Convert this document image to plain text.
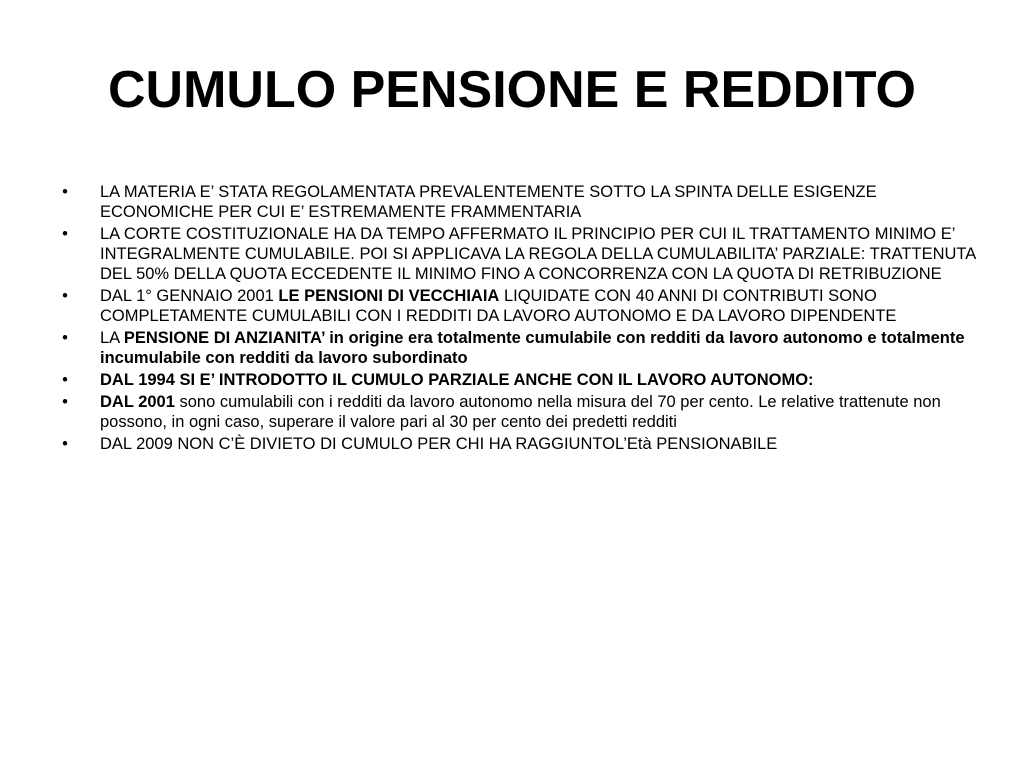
CUMULO PENSIONE E REDDITO
• LA MATERIA E’ STATA REGOLAMENTATA PREVALENTEMENTE SOTTO LA SPINTA DELLE ESIGENZE ECONOMICHE PER CUI E’ ESTREMAMENTE FRAMMENTARIA
• LA CORTE COSTITUZIONALE HA DA TEMPO AFFERMATO IL PRINCIPIO PER CUI IL TRATTAMENTO MINIMO E’ INTEGRALMENTE CUMULABILE. POI SI APPLICAVA LA REGOLA DELLA CUMULABILITA’ PARZIALE: TRATTENUTA DEL 50% DELLA QUOTA ECCEDENTE IL MINIMO FINO A CONCORRENZA CON LA QUOTA DI RETRIBUZIONE
• DAL 1° GENNAIO 2001 LE PENSIONI DI VECCHIAIA LIQUIDATE CON 40 ANNI DI CONTRIBUTI SONO COMPLETAMENTE CUMULABILI CON I REDDITI DA LAVORO AUTONOMO E DA LAVORO DIPENDENTE
• LA PENSIONE DI ANZIANITA’ in origine era totalmente cumulabile con redditi da lavoro autonomo e totalmente incumulabile con redditi da lavoro subordinato
• DAL 1994 SI E’ INTRODOTTO IL CUMULO PARZIALE ANCHE CON IL LAVORO AUTONOMO:
• DAL 2001 sono cumulabili con i redditi da lavoro autonomo nella misura del 70 per cento. Le relative trattenute non possono, in ogni caso, superare il valore pari al 30 per cento dei predetti redditi
• DAL 2009 NON C’È DIVIETO DI CUMULO PER CHI HA RAGGIUNTOL’Età PENSIONABILE
